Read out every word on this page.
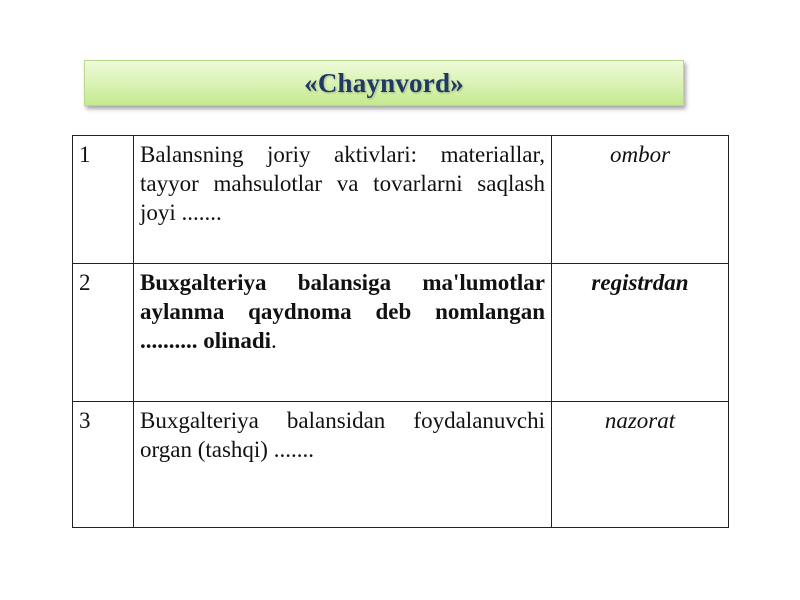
«Chaynvord»
1	Balansning joriy aktivlari: materiallar, tayyor mahsulotlar va tovarlarni saqlash joyi .......	ombor
2	Buxgalteriya balansiga ma'lumotlar aylanma qaydnoma deb nomlangan .......... olinadi.	registrdan
3	Buxgalteriya balansidan foydalanuvchi organ (tashqi) .......	nazorat
